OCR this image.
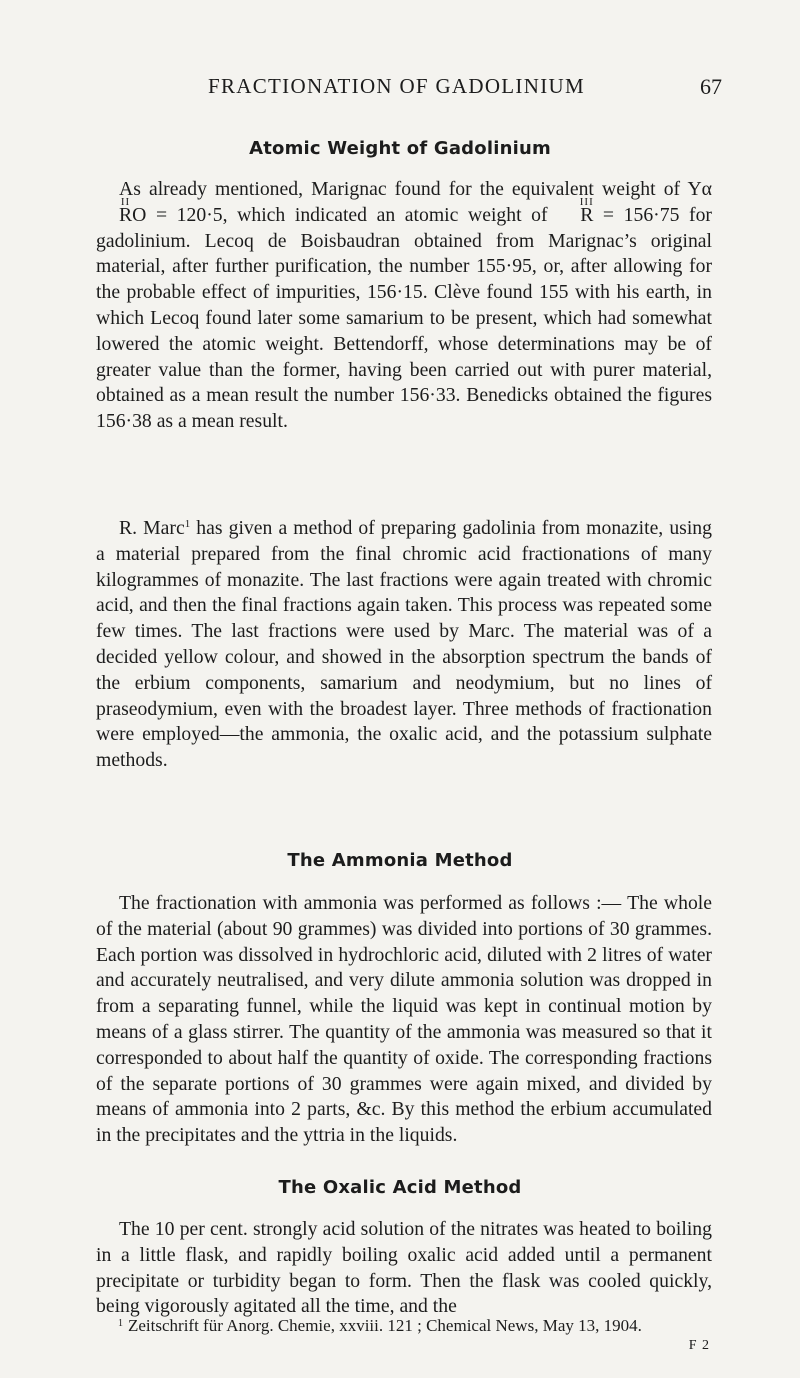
FRACTIONATION OF GADOLINIUM	67
Atomic Weight of Gadolinium

As already mentioned, Marignac found for the equivalent weight of Yα II RO = 120·5, which indicated an atomic weight of III R = 156·75 for gadolinium. Lecoq de Boisbaudran obtained from Marignac’s original material, after further purification, the number 155·95, or, after allowing for the probable effect of impurities, 156·15. Clève found 155 with his earth, in which Lecoq found later some samarium to be present, which had somewhat lowered the atomic weight. Bettendorff, whose determinations may be of greater value than the former, having been carried out with purer material, obtained as a mean result the number 156·33. Benedicks obtained the figures 156·38 as a mean result.

R. Marc$^1$ has given a method of preparing gadolinia from monazite, using a material prepared from the final chromic acid fractionations of many kilogrammes of monazite. The last fractions were again treated with chromic acid, and then the final fractions again taken. This process was repeated some few times. The last fractions were used by Marc. The material was of a decided yellow colour, and showed in the absorption spectrum the bands of the erbium components, samarium and neodymium, but no lines of praseodymium, even with the broadest layer. Three methods of fractionation were employed—the ammonia, the oxalic acid, and the potassium sulphate methods.

The Ammonia Method

The fractionation with ammonia was performed as follows :— The whole of the material (about 90 grammes) was divided into portions of 30 grammes. Each portion was dissolved in hydrochloric acid, diluted with 2 litres of water and accurately neutralised, and very dilute ammonia solution was dropped in from a separating funnel, while the liquid was kept in continual motion by means of a glass stirrer. The quantity of the ammonia was measured so that it corresponded to about half the quantity of oxide. The corresponding fractions of the separate portions of 30 grammes were again mixed, and divided by means of ammonia into 2 parts, &c. By this method the erbium accumulated in the precipitates and the yttria in the liquids.

The Oxalic Acid Method

The 10 per cent. strongly acid solution of the nitrates was heated to boiling in a little flask, and rapidly boiling oxalic acid added until a permanent precipitate or turbidity began to form. Then the flask was cooled quickly, being vigorously agitated all the time, and the

$^1$ Zeitschrift für Anorg. Chemie, xxviii. 121 ; Chemical News, May 13, 1904.
F 2
